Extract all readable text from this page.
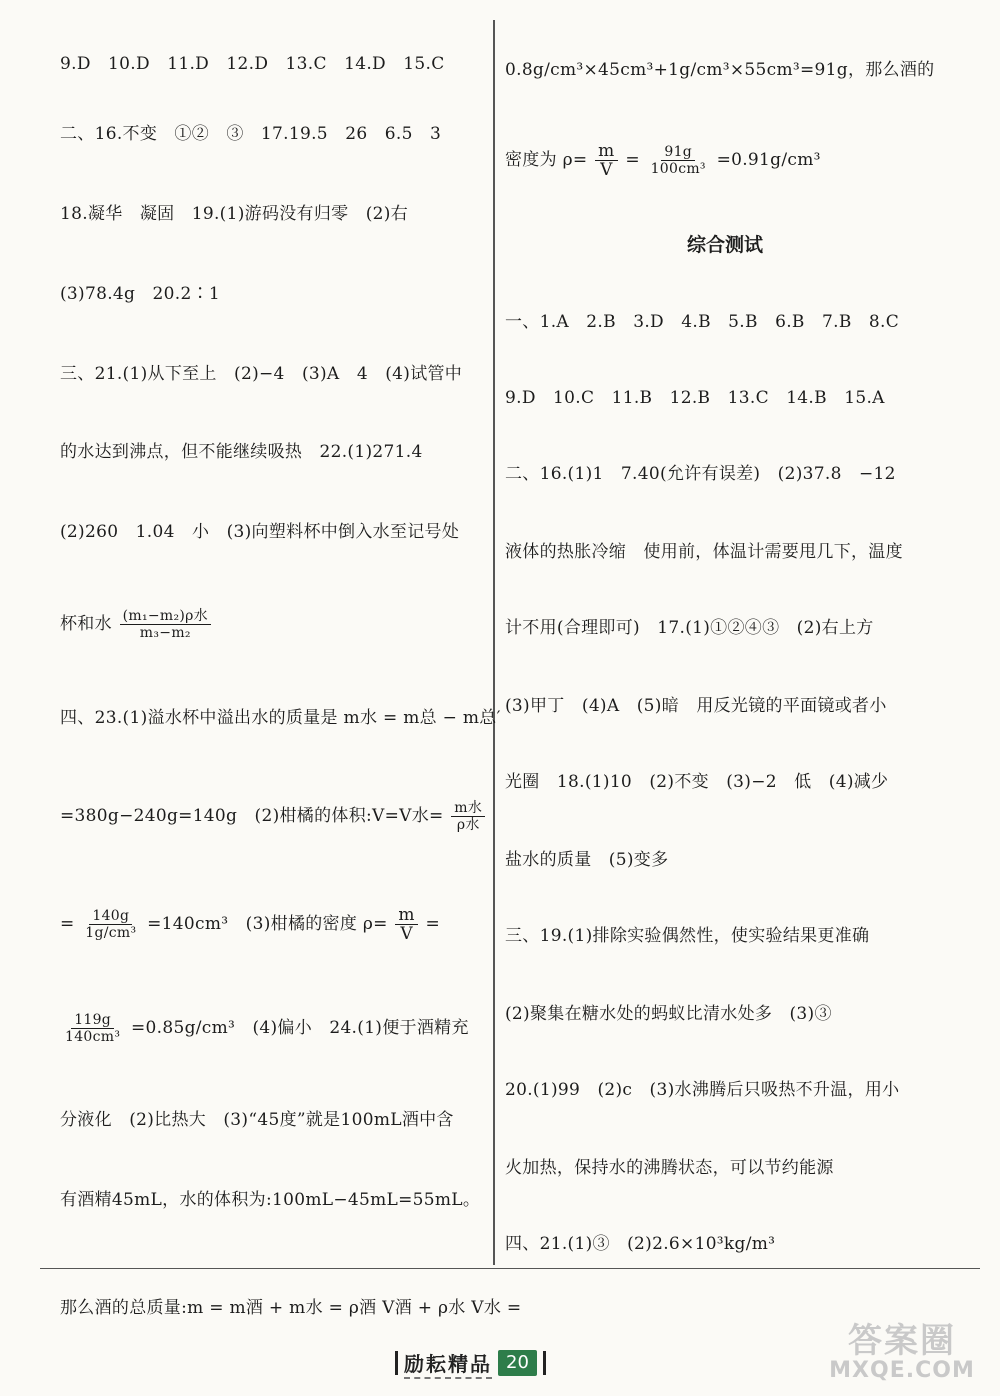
9.D　10.D　11.D　12.D　13.C　14.D　15.C
二、16.不变　①②　③　17.19.5　26　6.5　3
18.凝华　凝固　19.(1)游码没有归零　(2)右
(3)78.4g　20.2∶1
三、21.(1)从下至上　(2)−4　(3)A　4　(4)试管中
的水达到沸点，但不能继续吸热　22.(1)271.4
(2)260　1.04　小　(3)向塑料杯中倒入水至记号处
杯和水 $\frac{\text{(m₁−m₂)ρ水}}{\text{m₃−m₂}}$
四、23.(1)溢水杯中溢出水的质量是 m水 = m总 − m总′
=380g−240g=140g　(2)柑橘的体积:V=V水= $\frac{\text{m水}}{\text{ρ水}}$
= $\frac{140g}{\text{1g/cm³}} =140cm^3$　(3)柑橘的密度 $\rho= \frac{m}{V}$ =
$\frac{119g}{\text{140cm³}} =0.85g/cm^3$　(4)偏小　24.(1)便于酒精充
分液化　(2)比热大　(3)“45度”就是100mL酒中含
有酒精45mL，水的体积为:100mL−45mL=55mL。
那么酒的总质量:m = m酒 + m水 = ρ酒 V酒 + ρ水 V水 =
0.8g/cm³×45cm³+1g/cm³×55cm³=91g，那么酒的
密度为 $\rho= \frac{m}{V} = \frac{91g}{\text{100cm³}} =0.91g/cm^3$
综合测试
一、1.A　2.B　3.D　4.B　5.B　6.B　7.B　8.C
9.D　10.C　11.B　12.B　13.C　14.B　15.A
二、16.(1)1　7.40(允许有误差)　(2)37.8　−12
液体的热胀冷缩　使用前，体温计需要甩几下，温度
计不用(合理即可)　17.(1)①②④③　(2)右上方
(3)甲丁　(4)A　(5)暗　用反光镜的平面镜或者小
光圈　18.(1)10　(2)不变　(3)−2　低　(4)减少
盐水的质量　(5)变多
三、19.(1)排除实验偶然性，使实验结果更准确
(2)聚集在糖水处的蚂蚁比清水处多　(3)③
20.(1)99　(2)c　(3)水沸腾后只吸热不升温，用小
火加热，保持水的沸腾状态，可以节约能源
四、21.(1)③　(2)2.6×10³kg/m³
励耘精品 20
答案圈
MXQE.COM
